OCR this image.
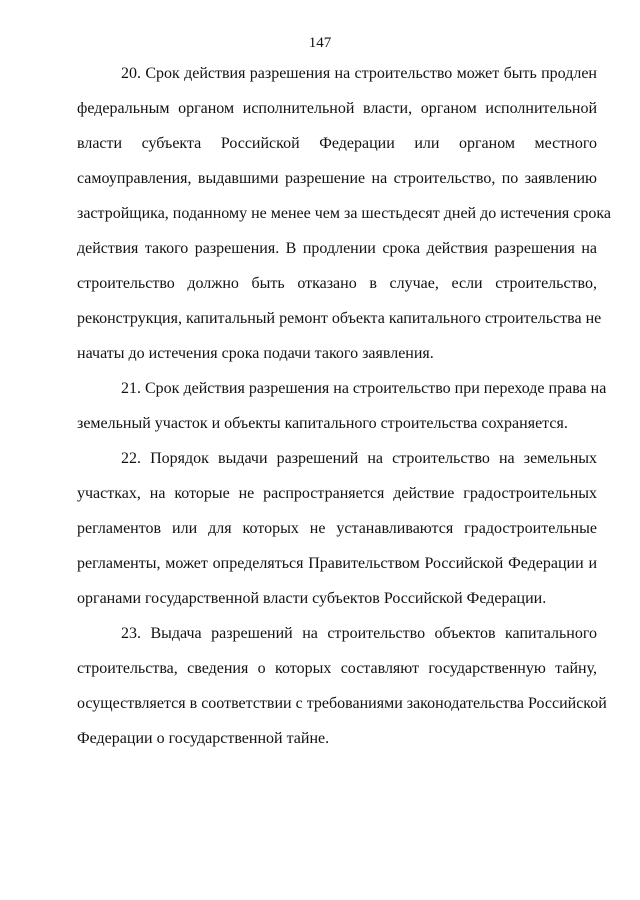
147
20. Срок действия разрешения на строительство может быть продлен
федеральным органом исполнительной власти, органом исполнительной
власти субъекта Российской Федерации или органом местного
самоуправления, выдавшими разрешение на строительство, по заявлению
застройщика, поданному не менее чем за шестьдесят дней до истечения срока
действия такого разрешения. В продлении срока действия разрешения на
строительство должно быть отказано в случае, если строительство,
реконструкция, капитальный ремонт объекта капитального строительства не
начаты до истечения срока подачи такого заявления.
21. Срок действия разрешения на строительство при переходе права на
земельный участок и объекты капитального строительства сохраняется.
22. Порядок выдачи разрешений на строительство на земельных
участках, на которые не распространяется действие градостроительных
регламентов или для которых не устанавливаются градостроительные
регламенты, может определяться Правительством Российской Федерации и
органами государственной власти субъектов Российской Федерации.
23. Выдача разрешений на строительство объектов капитального
строительства, сведения о которых составляют государственную тайну,
осуществляется в соответствии с требованиями законодательства Российской
Федерации о государственной тайне.
